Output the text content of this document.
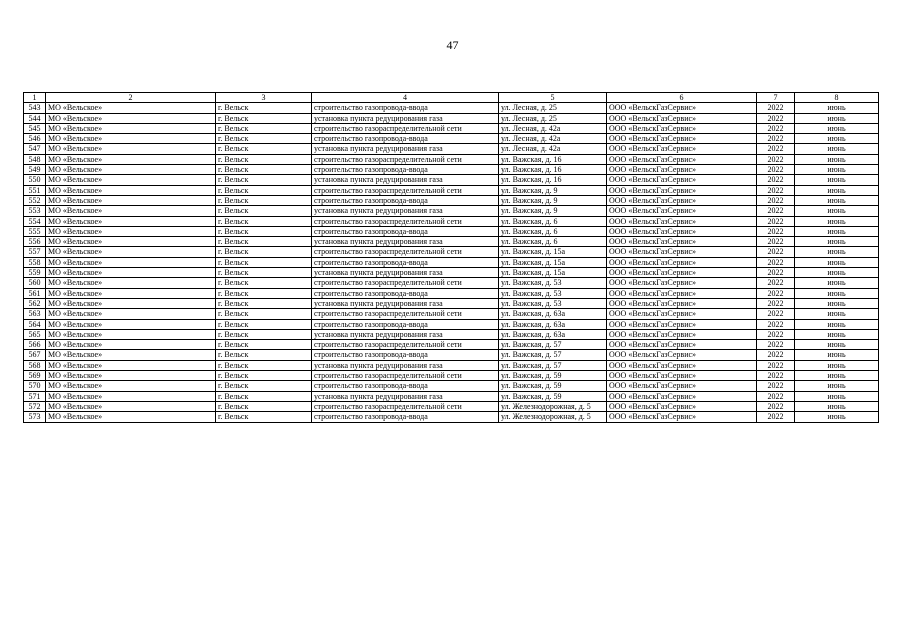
47
1	2	3	4	5	6	7	8
543	МО «Вельское»	г. Вельск	строительство газопровода-ввода	ул. Лесная, д. 25	ООО «ВельскГазСервис»	2022	июнь
544	МО «Вельское»	г. Вельск	установка пункта редуцирования газа	ул. Лесная, д. 25	ООО «ВельскГазСервис»	2022	июнь
545	МО «Вельское»	г. Вельск	строительство газораспределительной сети	ул. Лесная, д. 42а	ООО «ВельскГазСервис»	2022	июнь
546	МО «Вельское»	г. Вельск	строительство газопровода-ввода	ул. Лесная, д. 42а	ООО «ВельскГазСервис»	2022	июнь
547	МО «Вельское»	г. Вельск	установка пункта редуцирования газа	ул. Лесная, д. 42а	ООО «ВельскГазСервис»	2022	июнь
548	МО «Вельское»	г. Вельск	строительство газораспределительной сети	ул. Важская, д. 16	ООО «ВельскГазСервис»	2022	июнь
549	МО «Вельское»	г. Вельск	строительство газопровода-ввода	ул. Важская, д. 16	ООО «ВельскГазСервис»	2022	июнь
550	МО «Вельское»	г. Вельск	установка пункта редуцирования газа	ул. Важская, д. 16	ООО «ВельскГазСервис»	2022	июнь
551	МО «Вельское»	г. Вельск	строительство газораспределительной сети	ул. Важская, д. 9	ООО «ВельскГазСервис»	2022	июнь
552	МО «Вельское»	г. Вельск	строительство газопровода-ввода	ул. Важская, д. 9	ООО «ВельскГазСервис»	2022	июнь
553	МО «Вельское»	г. Вельск	установка пункта редуцирования газа	ул. Важская, д. 9	ООО «ВельскГазСервис»	2022	июнь
554	МО «Вельское»	г. Вельск	строительство газораспределительной сети	ул. Важская, д. 6	ООО «ВельскГазСервис»	2022	июнь
555	МО «Вельское»	г. Вельск	строительство газопровода-ввода	ул. Важская, д. 6	ООО «ВельскГазСервис»	2022	июнь
556	МО «Вельское»	г. Вельск	установка пункта редуцирования газа	ул. Важская, д. 6	ООО «ВельскГазСервис»	2022	июнь
557	МО «Вельское»	г. Вельск	строительство газораспределительной сети	ул. Важская, д. 15а	ООО «ВельскГазСервис»	2022	июнь
558	МО «Вельское»	г. Вельск	строительство газопровода-ввода	ул. Важская, д. 15а	ООО «ВельскГазСервис»	2022	июнь
559	МО «Вельское»	г. Вельск	установка пункта редуцирования газа	ул. Важская, д. 15а	ООО «ВельскГазСервис»	2022	июнь
560	МО «Вельское»	г. Вельск	строительство газораспределительной сети	ул. Важская, д. 53	ООО «ВельскГазСервис»	2022	июнь
561	МО «Вельское»	г. Вельск	строительство газопровода-ввода	ул. Важская, д. 53	ООО «ВельскГазСервис»	2022	июнь
562	МО «Вельское»	г. Вельск	установка пункта редуцирования газа	ул. Важская, д. 53	ООО «ВельскГазСервис»	2022	июнь
563	МО «Вельское»	г. Вельск	строительство газораспределительной сети	ул. Важская, д. 63а	ООО «ВельскГазСервис»	2022	июнь
564	МО «Вельское»	г. Вельск	строительство газопровода-ввода	ул. Важская, д. 63а	ООО «ВельскГазСервис»	2022	июнь
565	МО «Вельское»	г. Вельск	установка пункта редуцирования газа	ул. Важская, д. 63а	ООО «ВельскГазСервис»	2022	июнь
566	МО «Вельское»	г. Вельск	строительство газораспределительной сети	ул. Важская, д. 57	ООО «ВельскГазСервис»	2022	июнь
567	МО «Вельское»	г. Вельск	строительство газопровода-ввода	ул. Важская, д. 57	ООО «ВельскГазСервис»	2022	июнь
568	МО «Вельское»	г. Вельск	установка пункта редуцирования газа	ул. Важская, д. 57	ООО «ВельскГазСервис»	2022	июнь
569	МО «Вельское»	г. Вельск	строительство газораспределительной сети	ул. Важская, д. 59	ООО «ВельскГазСервис»	2022	июнь
570	МО «Вельское»	г. Вельск	строительство газопровода-ввода	ул. Важская, д. 59	ООО «ВельскГазСервис»	2022	июнь
571	МО «Вельское»	г. Вельск	установка пункта редуцирования газа	ул. Важская, д. 59	ООО «ВельскГазСервис»	2022	июнь
572	МО «Вельское»	г. Вельск	строительство газораспределительной сети	ул. Железнодорожная, д. 5	ООО «ВельскГазСервис»	2022	июнь
573	МО «Вельское»	г. Вельск	строительство газопровода-ввода	ул. Железнодорожная, д. 5	ООО «ВельскГазСервис»	2022	июнь
